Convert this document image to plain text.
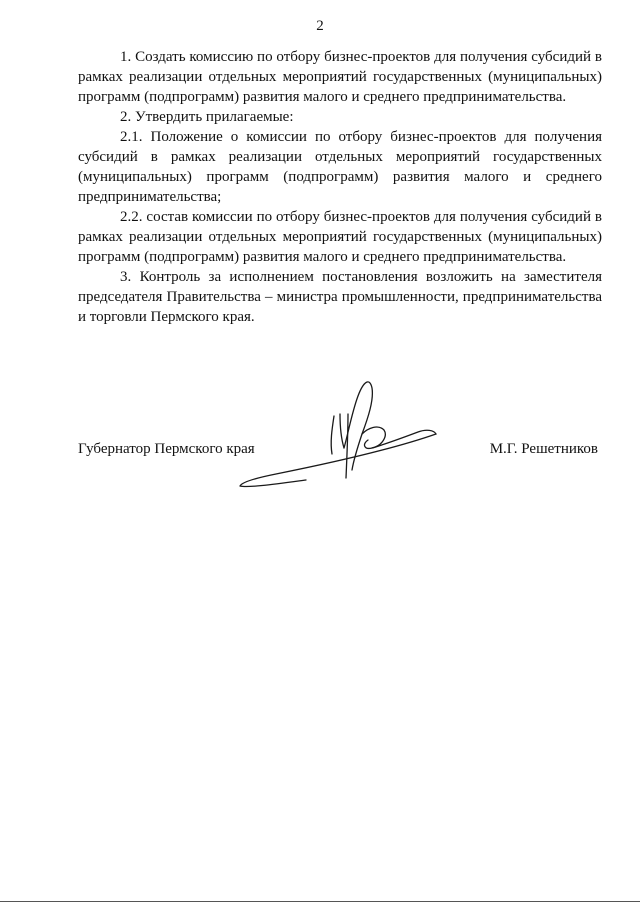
2

1. Создать комиссию по отбору бизнес-проектов для получения субсидий в рамках реализации отдельных мероприятий государственных (муниципальных) программ (подпрограмм) развития малого и среднего предпринимательства.

2. Утвердить прилагаемые:

2.1. Положение о комиссии по отбору бизнес-проектов для получения субсидий в рамках реализации отдельных мероприятий государственных (муниципальных) программ (подпрограмм) развития малого и среднего предпринимательства;

2.2. состав комиссии по отбору бизнес-проектов для получения субсидий в рамках реализации отдельных мероприятий государственных (муниципальных) программ (подпрограмм) развития малого и среднего предпринимательства.

3. Контроль за исполнением постановления возложить на заместителя председателя Правительства – министра промышленности, предпринимательства и торговли Пермского края.

Губернатор Пермского края	М.Г. Решетников
